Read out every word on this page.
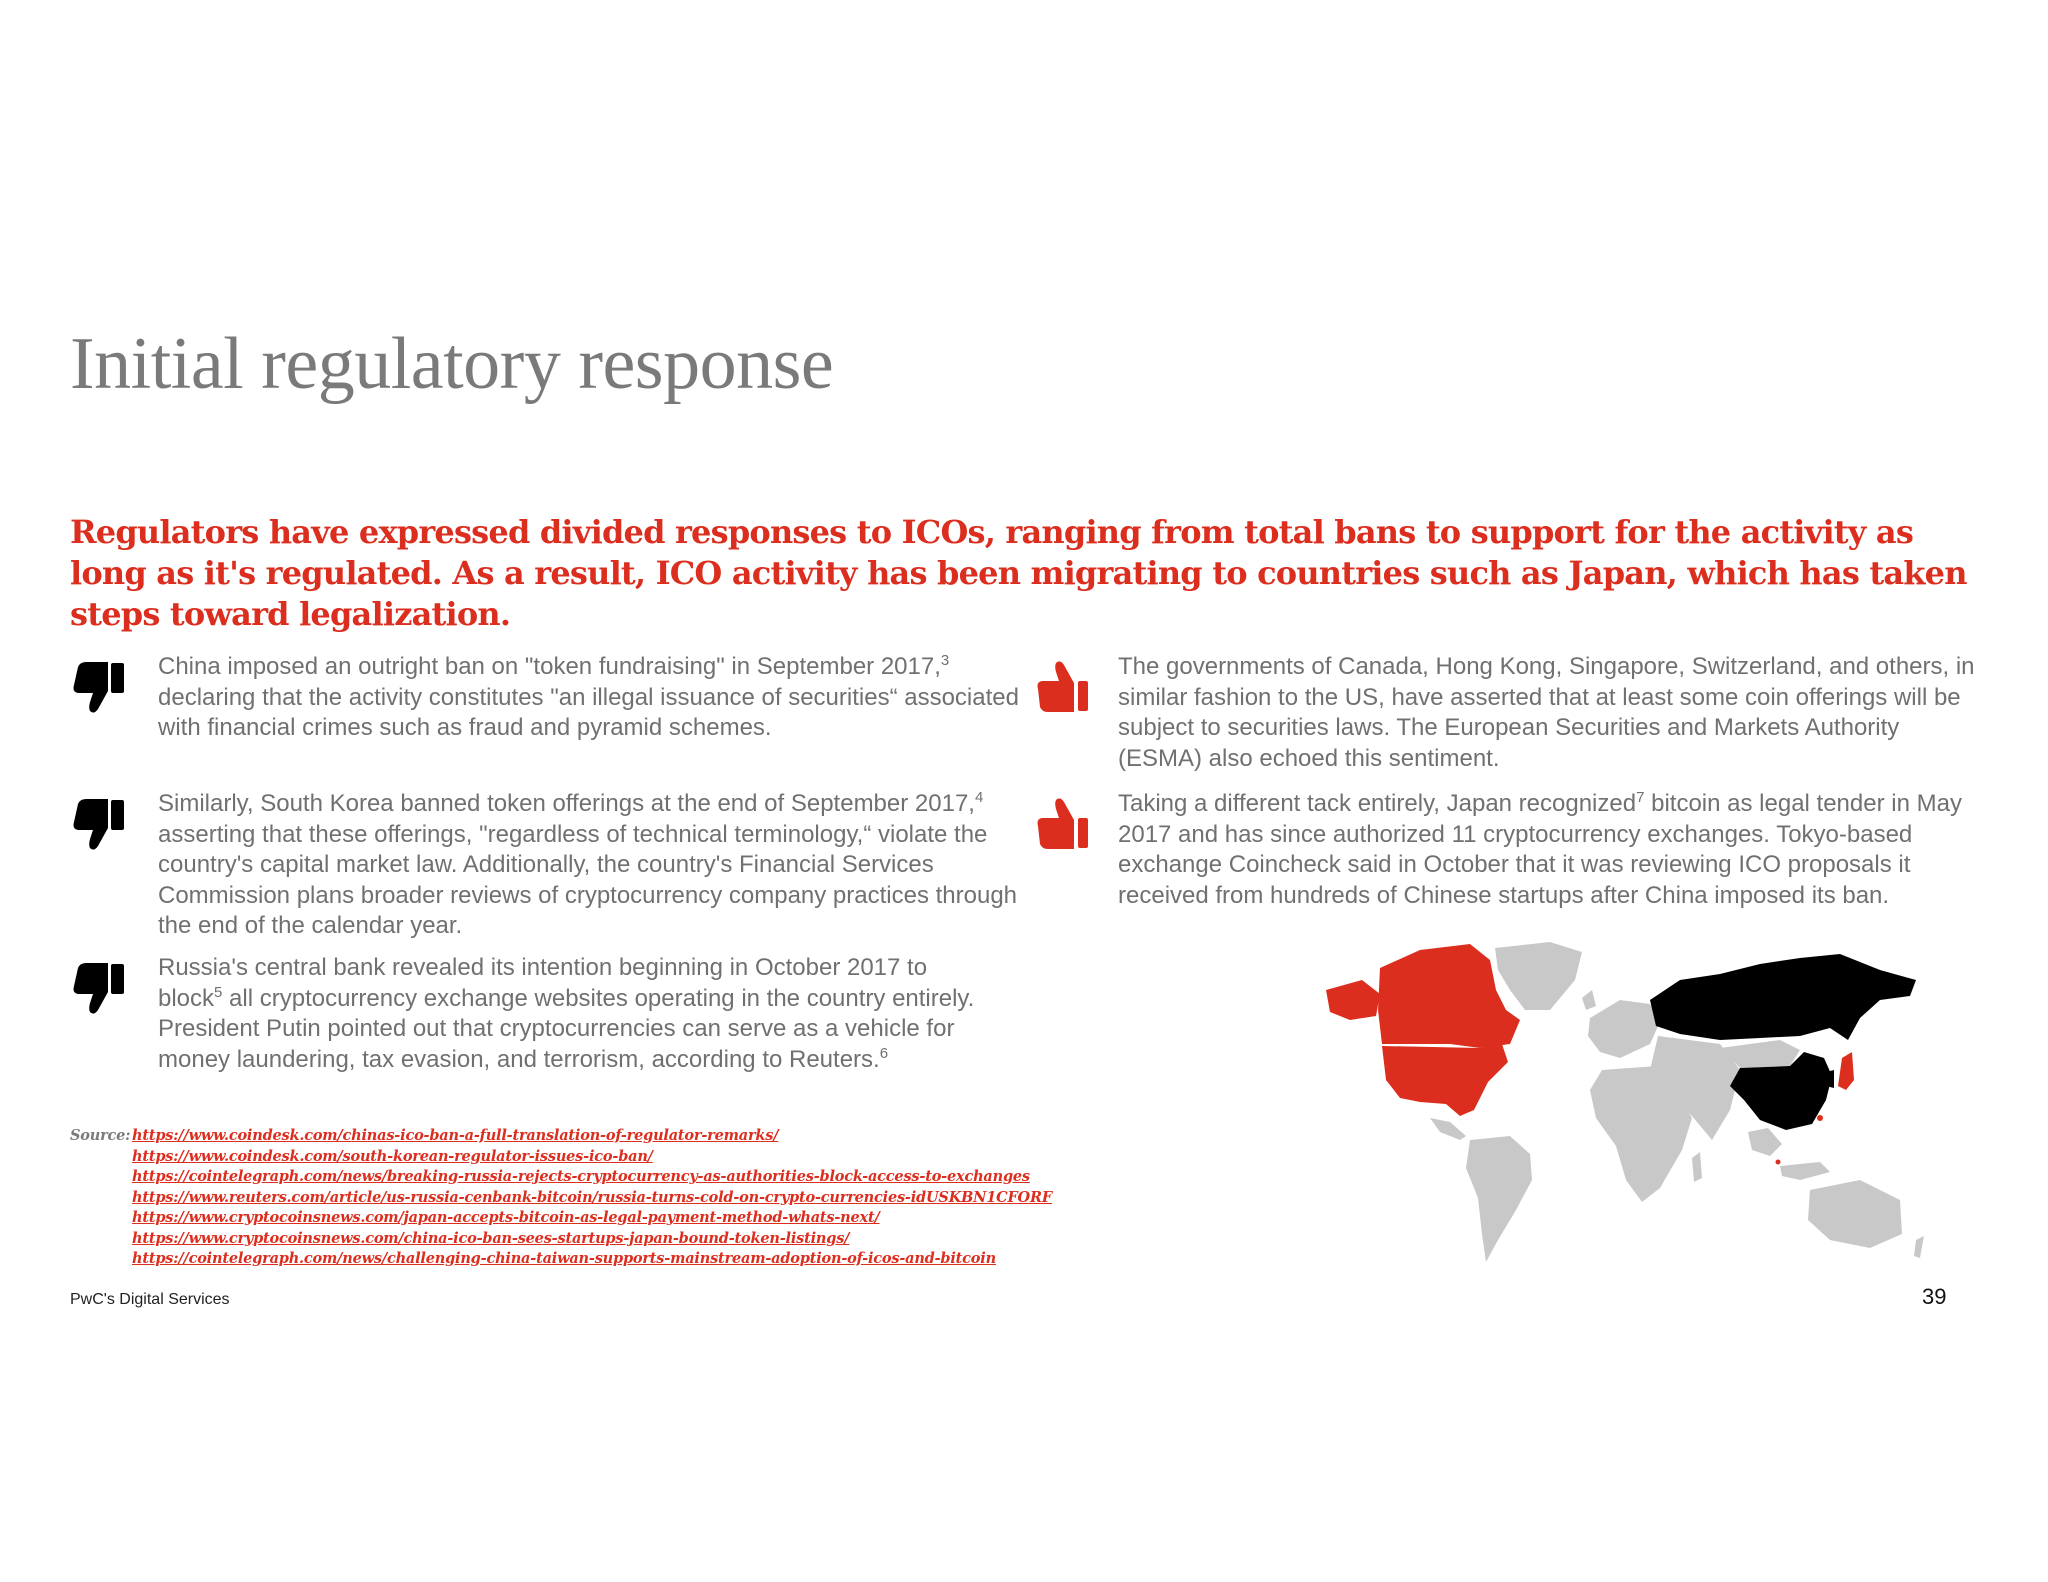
Initial regulatory response

Regulators have expressed divided responses to ICOs, ranging from total bans to support for the activity as long as it's regulated. As a result, ICO activity has been migrating to countries such as Japan, which has taken steps toward legalization.

China imposed an outright ban on "token fundraising" in September 2017,$^3$ declaring that the activity constitutes "an illegal issuance of securities“ associated with financial crimes such as fraud and pyramid schemes.

Similarly, South Korea banned token offerings at the end of September 2017,$^4$ asserting that these offerings, "regardless of technical terminology,“ violate the country's capital market law. Additionally, the country's Financial Services Commission plans broader reviews of cryptocurrency company practices through the end of the calendar year.

Russia's central bank revealed its intention beginning in October 2017 to block$^5$ all cryptocurrency exchange websites operating in the country entirely. President Putin pointed out that cryptocurrencies can serve as a vehicle for money laundering, tax evasion, and terrorism, according to Reuters.$^6$

The governments of Canada, Hong Kong, Singapore, Switzerland, and others, in similar fashion to the US, have asserted that at least some coin offerings will be subject to securities laws. The European Securities and Markets Authority (ESMA) also echoed this sentiment.

Taking a different tack entirely, Japan recognized$^7$ bitcoin as legal tender in May 2017 and has since authorized 11 cryptocurrency exchanges. Tokyo-based exchange Coincheck said in October that it was reviewing ICO proposals it received from hundreds of Chinese startups after China imposed its ban.

Source: https://www.coindesk.com/chinas-ico-ban-a-full-translation-of-regulator-remarks/
https://www.coindesk.com/south-korean-regulator-issues-ico-ban/
https://cointelegraph.com/news/breaking-russia-rejects-cryptocurrency-as-authorities-block-access-to-exchanges
https://www.reuters.com/article/us-russia-cenbank-bitcoin/russia-turns-cold-on-crypto-currencies-idUSKBN1CFORF
https://www.cryptocoinsnews.com/japan-accepts-bitcoin-as-legal-payment-method-whats-next/
https://www.cryptocoinsnews.com/china-ico-ban-sees-startups-japan-bound-token-listings/
https://cointelegraph.com/news/challenging-china-taiwan-supports-mainstream-adoption-of-icos-and-bitcoin
PwC's Digital Services	39
